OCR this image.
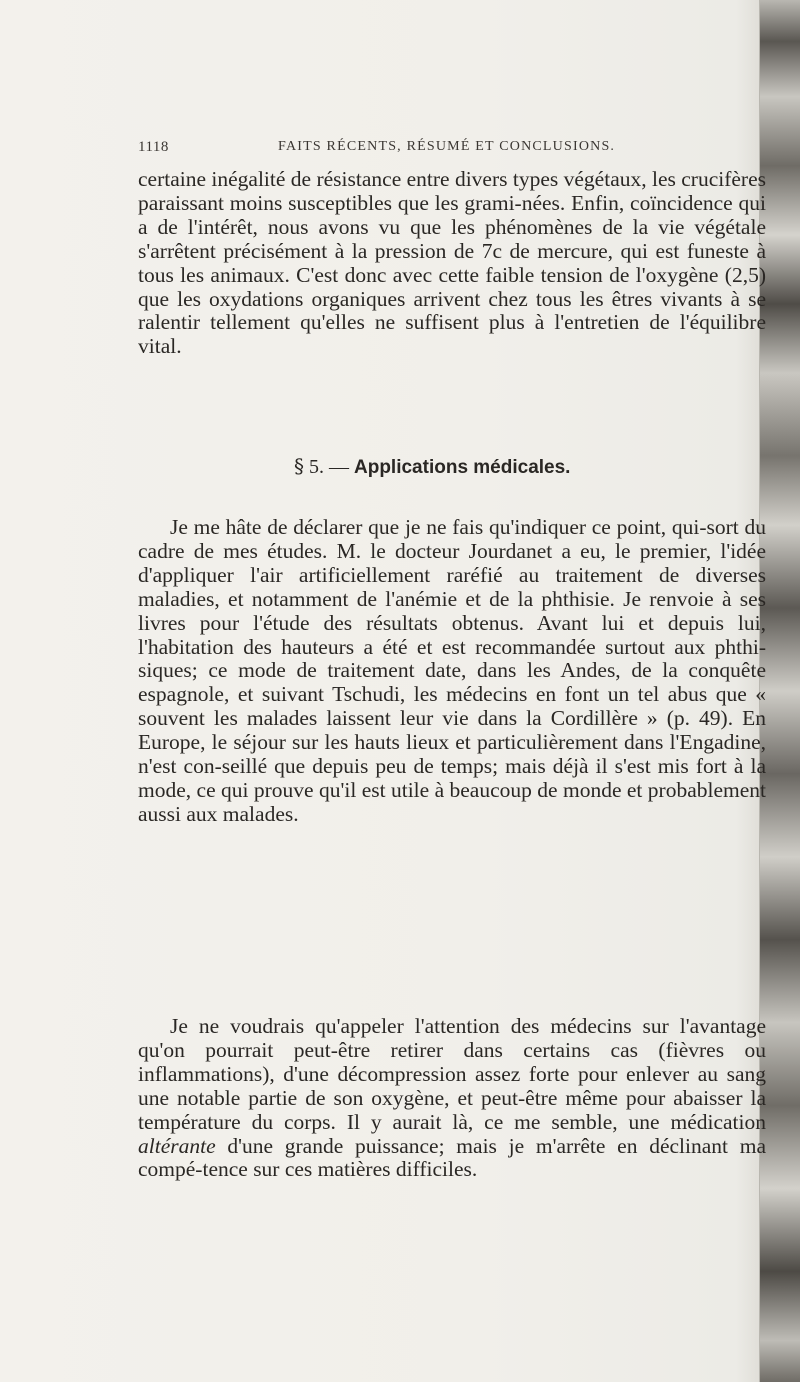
1118	FAITS RÉCENTS, RÉSUMÉ ET CONCLUSIONS.

certaine inégalité de résistance entre divers types végétaux, les crucifères paraissant moins susceptibles que les grami-nées. Enfin, coïncidence qui a de l'intérêt, nous avons vu que les phénomènes de la vie végétale s'arrêtent précisément à la pression de 7c de mercure, qui est funeste à tous les animaux. C'est donc avec cette faible tension de l'oxygène (2,5) que les oxydations organiques arrivent chez tous les êtres vivants à se ralentir tellement qu'elles ne suffisent plus à l'entretien de l'équilibre vital.

§ 5. — Applications médicales.

Je me hâte de déclarer que je ne fais qu'indiquer ce point, qui-sort du cadre de mes études. M. le docteur Jourdanet a eu, le premier, l'idée d'appliquer l'air artificiellement raréfié au traitement de diverses maladies, et notamment de l'anémie et de la phthisie. Je renvoie à ses livres pour l'étude des résultats obtenus. Avant lui et depuis lui, l'habitation des hauteurs a été et est recommandée surtout aux phthi-siques; ce mode de traitement date, dans les Andes, de la conquête espagnole, et suivant Tschudi, les médecins en font un tel abus que « souvent les malades laissent leur vie dans la Cordillère » (p. 49). En Europe, le séjour sur les hauts lieux et particulièrement dans l'Engadine, n'est con-seillé que depuis peu de temps; mais déjà il s'est mis fort à la mode, ce qui prouve qu'il est utile à beaucoup de monde et probablement aussi aux malades.

Je ne voudrais qu'appeler l'attention des médecins sur l'avantage qu'on pourrait peut-être retirer dans certains cas (fièvres ou inflammations), d'une décompression assez forte pour enlever au sang une notable partie de son oxygène, et peut-être même pour abaisser la température du corps. Il y aurait là, ce me semble, une médication altérante d'une grande puissance; mais je m'arrête en déclinant ma compé-tence sur ces matières difficiles.
